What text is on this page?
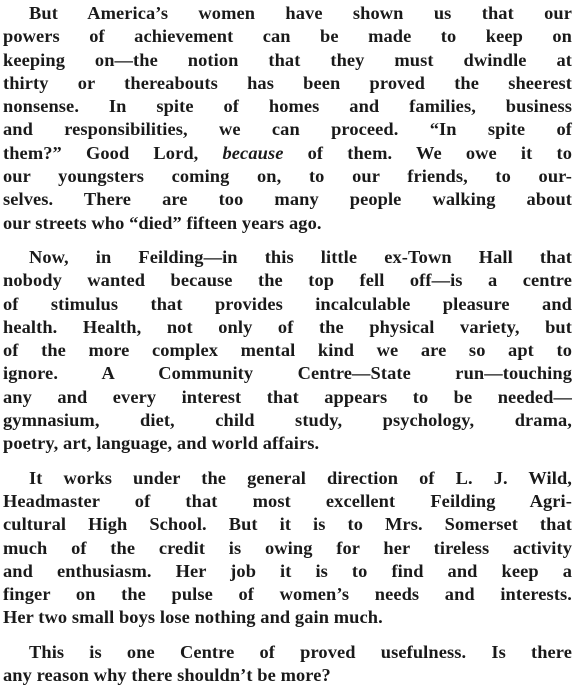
But America’s women have shown us that our
powers of achievement can be made to keep on
keeping on—the notion that they must dwindle at
thirty or thereabouts has been proved the sheerest
nonsense. In spite of homes and families, business
and responsibilities, we can proceed. “In spite of
them?” Good Lord, because of them. We owe it to
our youngsters coming on, to our friends, to our-
selves. There are too many people walking about
our streets who “died” fifteen years ago.
Now, in Feilding—in this little ex-Town Hall that
nobody wanted because the top fell off—is a centre
of stimulus that provides incalculable pleasure and
health. Health, not only of the physical variety, but
of the more complex mental kind we are so apt to
ignore. A Community Centre—State run—touching
any and every interest that appears to be needed—
gymnasium, diet, child study, psychology, drama,
poetry, art, language, and world affairs.
It works under the general direction of L. J. Wild,
Headmaster of that most excellent Feilding Agri-
cultural High School. But it is to Mrs. Somerset that
much of the credit is owing for her tireless activity
and enthusiasm. Her job it is to find and keep a
finger on the pulse of women’s needs and interests.
Her two small boys lose nothing and gain much.
This is one Centre of proved usefulness. Is there
any reason why there shouldn’t be more?
